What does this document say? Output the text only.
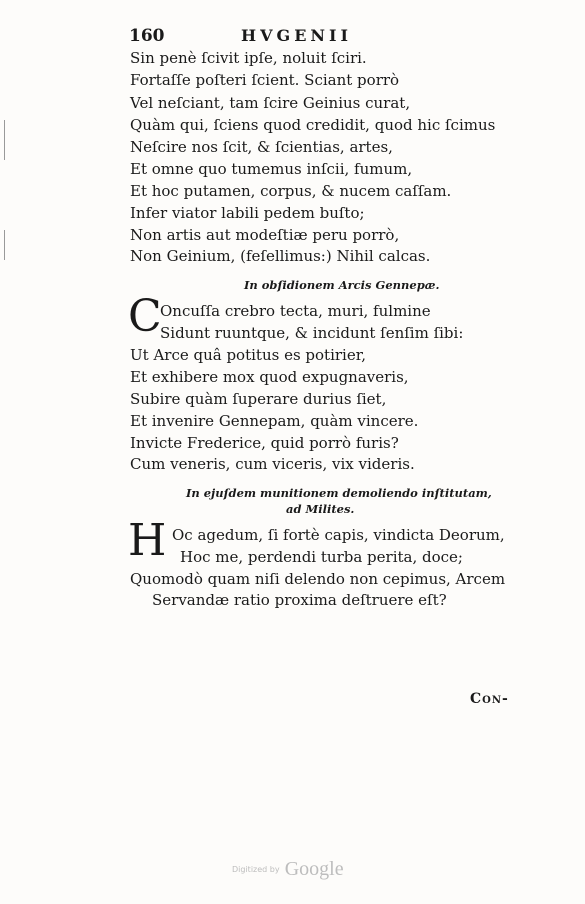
160	HVGENII
Sin penè ſcivit ipſe, noluit ſciri.
Fortaſſe poſteri ſcient. Sciant porrò
Vel neſciant, tam ſcire Geinius curat,
Quàm qui, ſciens quod credidit, quod hic ſcimus
Neſcire nos ſcit, & ſcientias, artes,
Et omne quo tumemus inſcii, fumum,
Et hoc putamen, corpus, & nucem caſſam.
Infer viator labili pedem buſto;
Non artis aut modeſtiæ peru porrò,
Non Geinium, (feſellimus:) Nihil calcas.
In obſidionem Arcis Gennepæ.
C
Oncuſſa crebro tecta, muri, fulmine
Sidunt ruuntque, & incidunt ſenſim ſibi:
Ut Arce quâ potitus es potirier,
Et exhibere mox quod expugnaveris,
Subire quàm ſuperare durius ſiet,
Et invenire Gennepam, quàm vincere.
Invicte Frederice, quid porrò furis?
Cum veneris, cum viceris, vix videris.
In ejuſdem munitionem demoliendo inſtitutam,
ad Milites.
H Oc agedum, ſi fortè capis, vindicta Deorum,
Hoc me, perdendi turba perita, doce;
Quomodò quam niſi delendo non cepimus, Arcem
Servandæ ratio proxima deſtruere eſt?
Con-
Digitized by Google
